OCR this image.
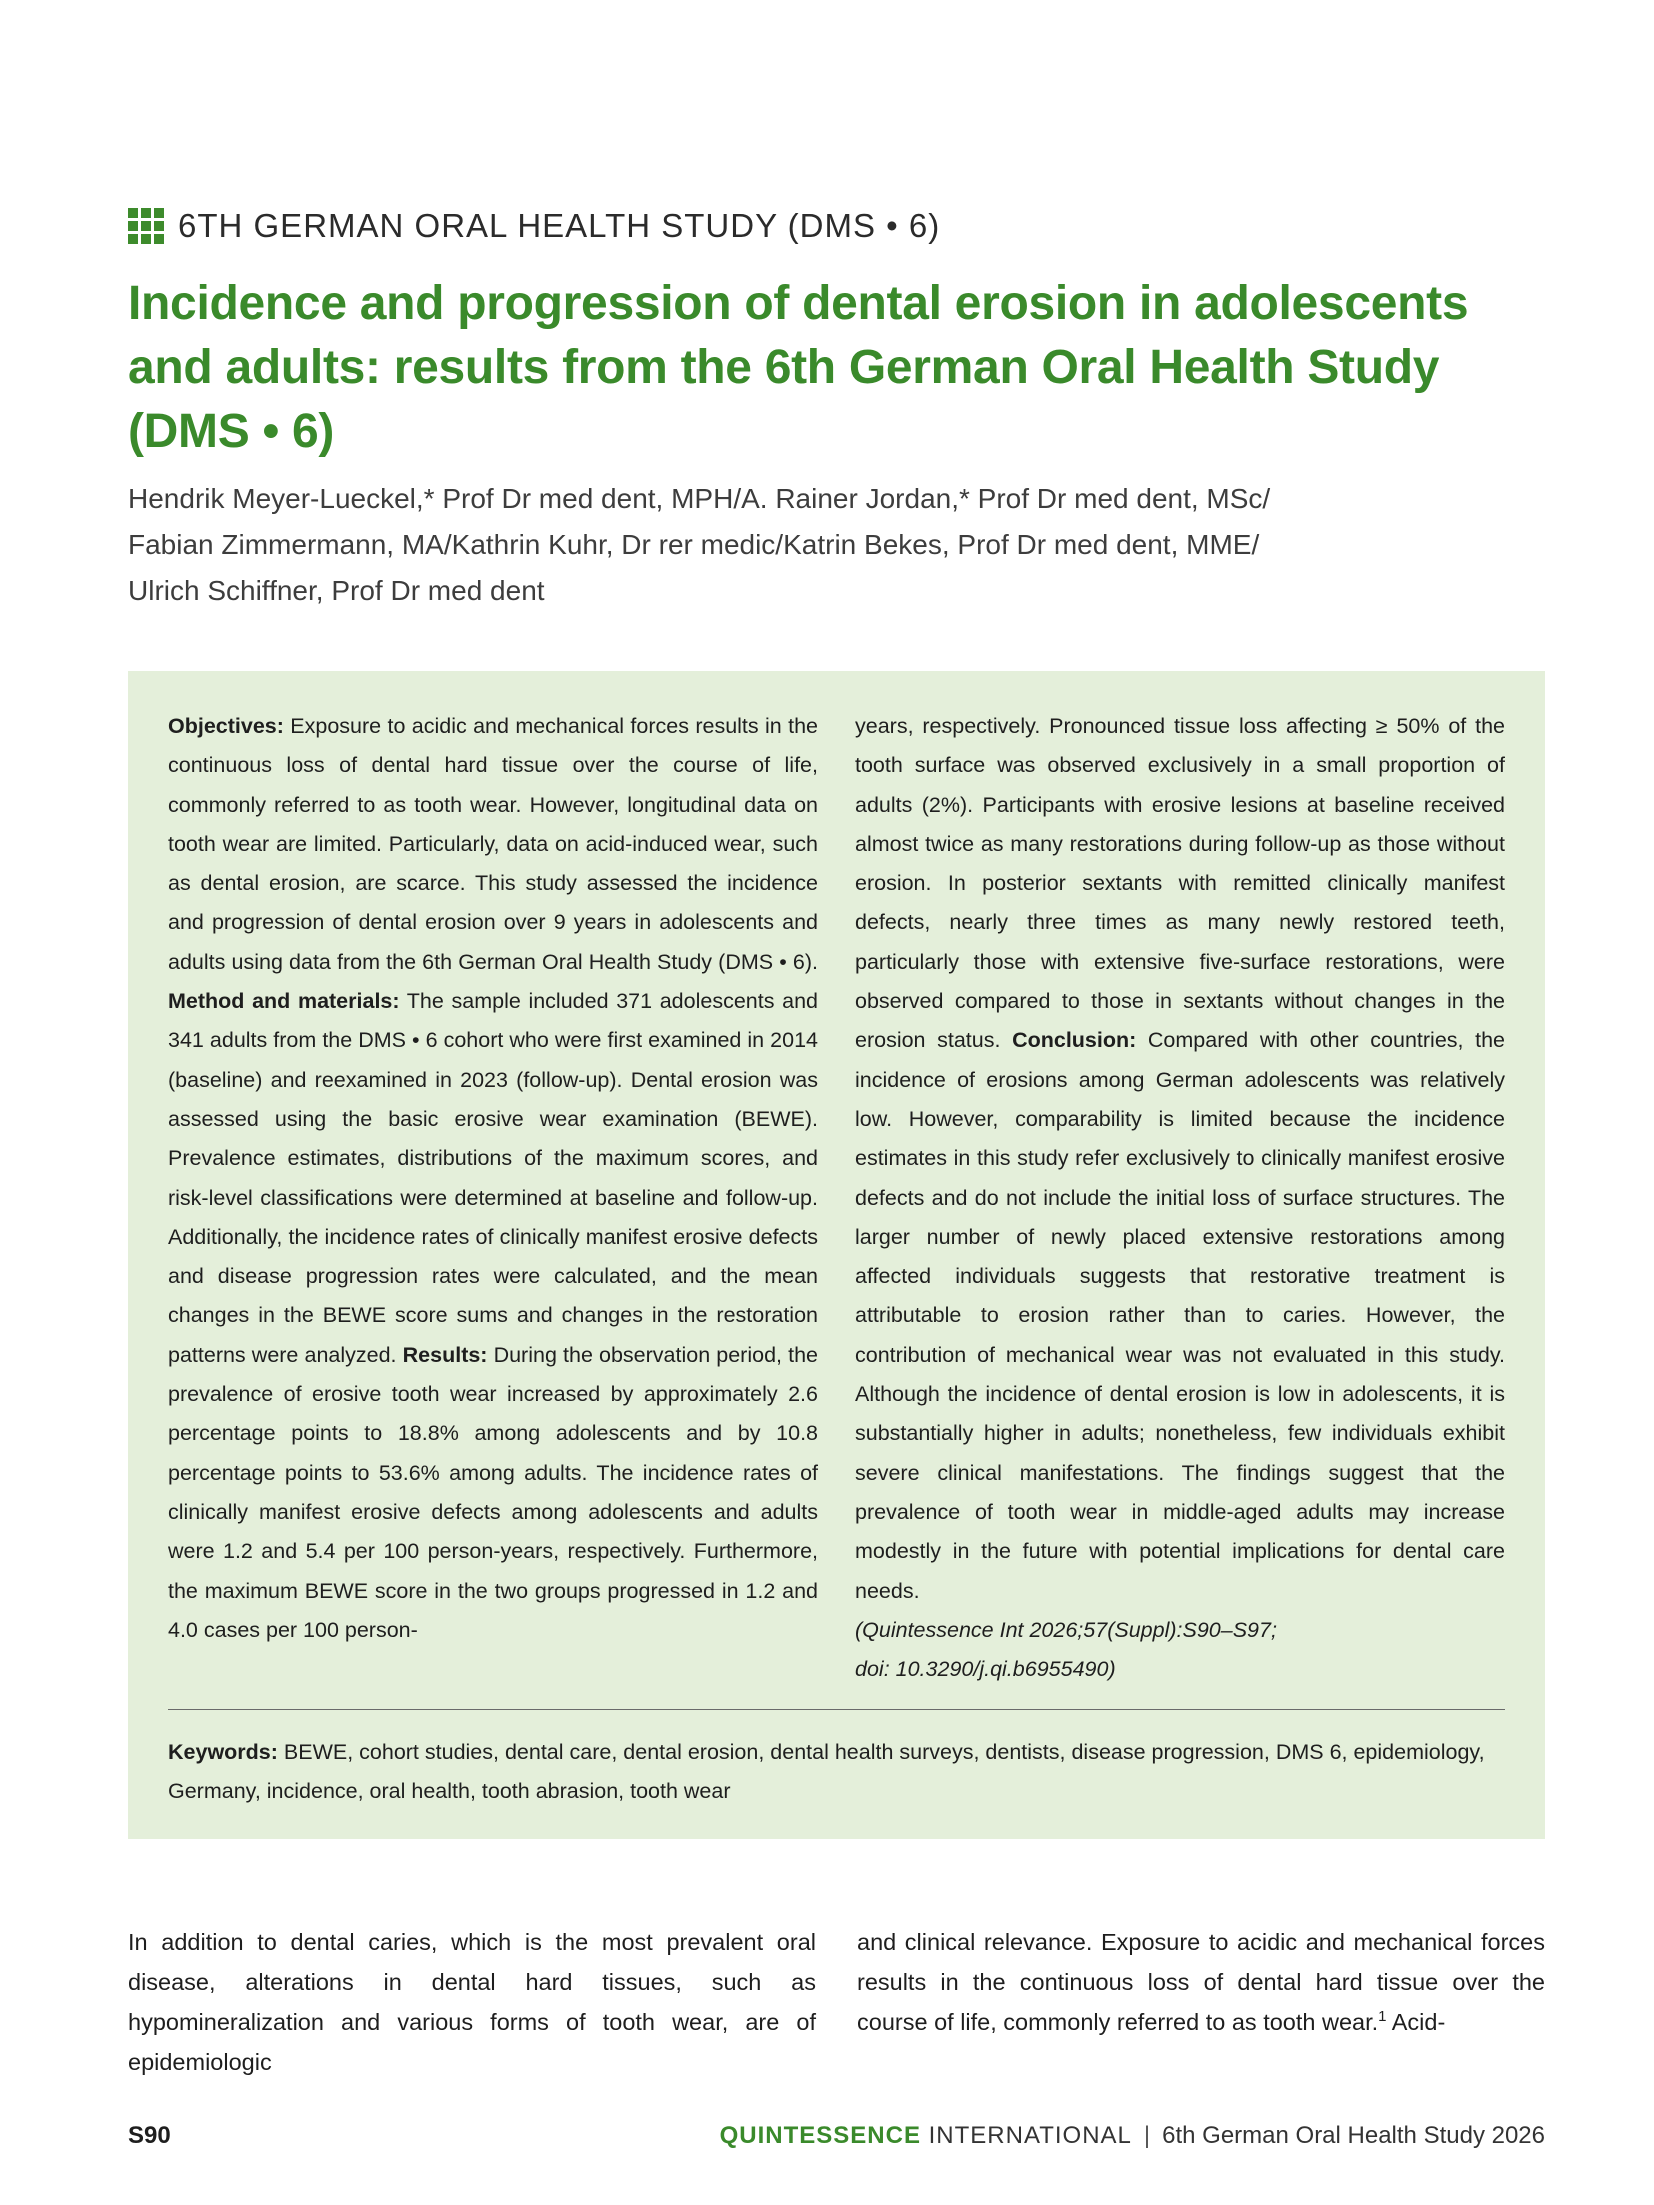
6TH GERMAN ORAL HEALTH STUDY (DMS • 6)
Incidence and progression of dental erosion in adolescents and adults: results from the 6th German Oral Health Study (DMS • 6)
Hendrik Meyer-Lueckel,* Prof Dr med dent, MPH/A. Rainer Jordan,* Prof Dr med dent, MSc/
Fabian Zimmermann, MA/Kathrin Kuhr, Dr rer medic/Katrin Bekes, Prof Dr med dent, MME/
Ulrich Schiffner, Prof Dr med dent
Objectives: Exposure to acidic and mechanical forces results in the continuous loss of dental hard tissue over the course of life, commonly referred to as tooth wear. However, longitudinal data on tooth wear are limited. Particularly, data on acid-induced wear, such as dental erosion, are scarce. This study assessed the incidence and progression of dental erosion over 9 years in adolescents and adults using data from the 6th German Oral Health Study (DMS • 6). Method and materials: The sample included 371 adolescents and 341 adults from the DMS • 6 cohort who were first examined in 2014 (baseline) and reexamined in 2023 (follow-up). Dental erosion was assessed using the basic erosive wear examination (BEWE). Prevalence estimates, distributions of the maximum scores, and risk-level classifications were determined at baseline and follow-up. Additionally, the incidence rates of clinically manifest erosive defects and disease progression rates were calculated, and the mean changes in the BEWE score sums and changes in the restoration patterns were analyzed. Results: During the observation period, the prevalence of erosive tooth wear increased by approximately 2.6 percentage points to 18.8% among adolescents and by 10.8 percentage points to 53.6% among adults. The incidence rates of clinically manifest erosive defects among adolescents and adults were 1.2 and 5.4 per 100 person-years, respectively. Furthermore, the maximum BEWE score in the two groups progressed in 1.2 and 4.0 cases per 100 person-
years, respectively. Pronounced tissue loss affecting ≥ 50% of the tooth surface was observed exclusively in a small proportion of adults (2%). Participants with erosive lesions at baseline received almost twice as many restorations during follow-up as those without erosion. In posterior sextants with remitted clinically manifest defects, nearly three times as many newly restored teeth, particularly those with extensive five-surface restorations, were observed compared to those in sextants without changes in the erosion status. Conclusion: Compared with other countries, the incidence of erosions among German adolescents was relatively low. However, comparability is limited because the incidence estimates in this study refer exclusively to clinically manifest erosive defects and do not include the initial loss of surface structures. The larger number of newly placed extensive restorations among affected individuals suggests that restorative treatment is attributable to erosion rather than to caries. However, the contribution of mechanical wear was not evaluated in this study. Although the incidence of dental erosion is low in adolescents, it is substantially higher in adults; nonetheless, few individuals exhibit severe clinical manifestations. The findings suggest that the prevalence of tooth wear in middle-aged adults may increase modestly in the future with potential implications for dental care needs.
(Quintessence Int 2026;57(Suppl):S90–S97;
doi: 10.3290/j.qi.b6955490)
Keywords: BEWE, cohort studies, dental care, dental erosion, dental health surveys, dentists, disease progression, DMS 6, epidemiology, Germany, incidence, oral health, tooth abrasion, tooth wear
In addition to dental caries, which is the most prevalent oral disease, alterations in dental hard tissues, such as hypomineralization and various forms of tooth wear, are of epidemiologic
and clinical relevance. Exposure to acidic and mechanical forces results in the continuous loss of dental hard tissue over the course of life, commonly referred to as tooth wear.$^1$ Acid-
S90	QUINTESSENCE INTERNATIONAL | 6th German Oral Health Study 2026
